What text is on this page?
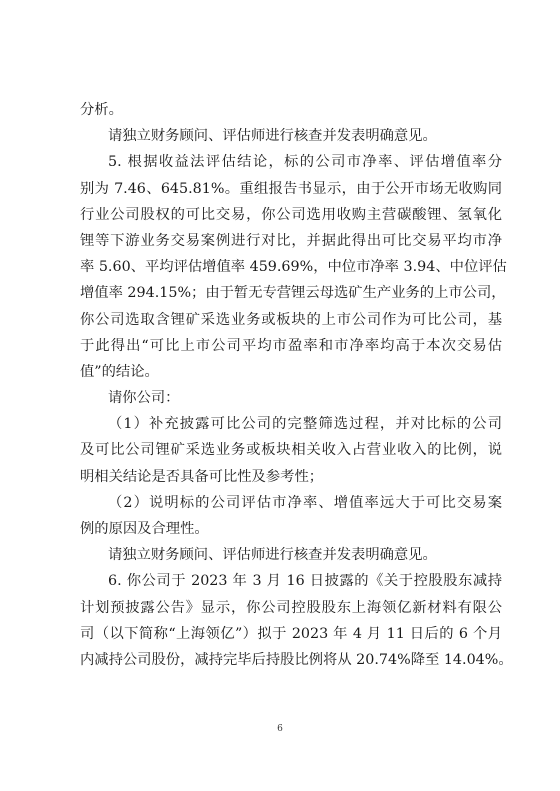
分析。
请独立财务顾问、评估师进行核查并发表明确意见。
5. 根据收益法评估结论，标的公司市净率、评估增值率分
别为 7.46、645.81%。重组报告书显示，由于公开市场无收购同
行业公司股权的可比交易，你公司选用收购主营碳酸锂、氢氧化
锂等下游业务交易案例进行对比，并据此得出可比交易平均市净
率 5.60、平均评估增值率 459.69%，中位市净率 3.94、中位评估
增值率 294.15%；由于暂无专营锂云母选矿生产业务的上市公司，
你公司选取含锂矿采选业务或板块的上市公司作为可比公司，基
于此得出“可比上市公司平均市盈率和市净率均高于本次交易估
值”的结论。
请你公司：
（1）补充披露可比公司的完整筛选过程，并对比标的公司
及可比公司锂矿采选业务或板块相关收入占营业收入的比例，说
明相关结论是否具备可比性及参考性；
（2）说明标的公司评估市净率、增值率远大于可比交易案
例的原因及合理性。
请独立财务顾问、评估师进行核查并发表明确意见。
6. 你公司于 2023 年 3 月 16 日披露的《关于控股股东减持
计划预披露公告》显示，你公司控股股东上海领亿新材料有限公
司（以下简称“上海领亿”）拟于 2023 年 4 月 11 日后的 6 个月
内减持公司股份，减持完毕后持股比例将从 20.74%降至 14.04%。
6
